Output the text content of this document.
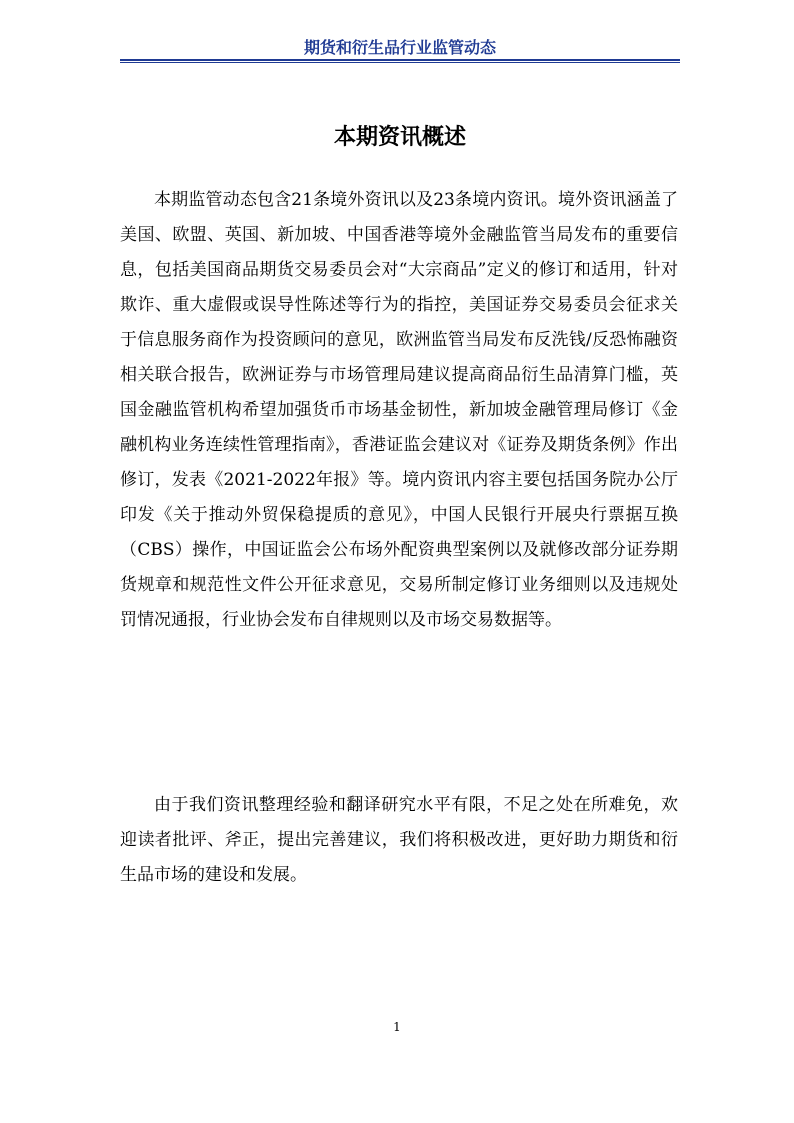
期货和衍生品行业监管动态
本期资讯概述

本期监管动态包含21条境外资讯以及23条境内资讯。境外资讯涵盖了美国、欧盟、英国、新加坡、中国香港等境外金融监管当局发布的重要信息，包括美国商品期货交易委员会对“大宗商品”定义的修订和适用，针对欺诈、重大虚假或误导性陈述等行为的指控，美国证券交易委员会征求关于信息服务商作为投资顾问的意见，欧洲监管当局发布反洗钱/反恐怖融资相关联合报告，欧洲证券与市场管理局建议提高商品衍生品清算门槛，英国金融监管机构希望加强货币市场基金韧性，新加坡金融管理局修订《金融机构业务连续性管理指南》，香港证监会建议对《证券及期货条例》作出修订，发表《2021-2022年报》等。境内资讯内容主要包括国务院办公厅印发《关于推动外贸保稳提质的意见》，中国人民银行开展央行票据互换（CBS）操作，中国证监会公布场外配资典型案例以及就修改部分证券期货规章和规范性文件公开征求意见，交易所制定修订业务细则以及违规处罚情况通报，行业协会发布自律规则以及市场交易数据等。

由于我们资讯整理经验和翻译研究水平有限，不足之处在所难免，欢迎读者批评、斧正，提出完善建议，我们将积极改进，更好助力期货和衍生品市场的建设和发展。

1
